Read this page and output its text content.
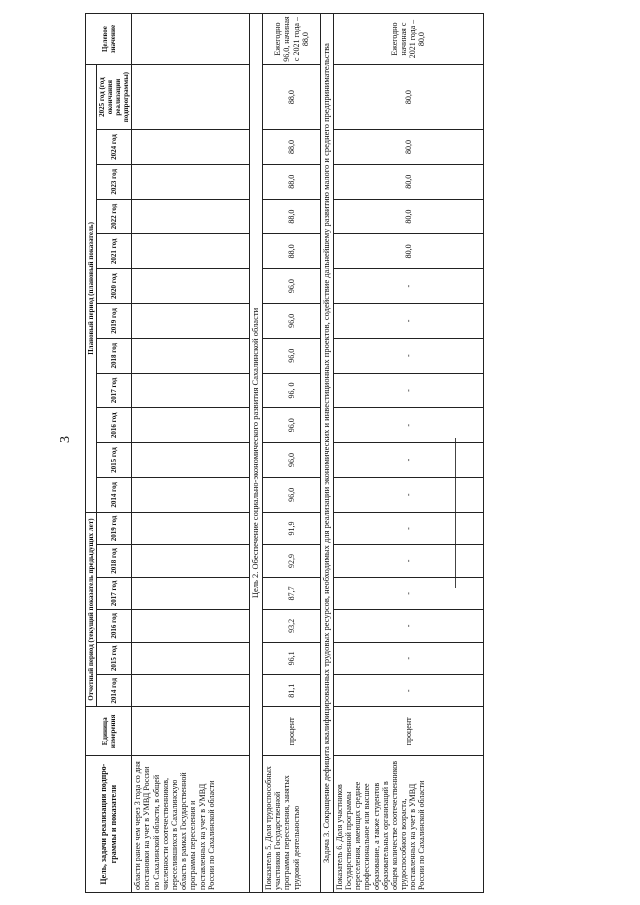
3
Цель, задачи реализации подпро-граммы и показатели	Единица измерения	Отчетный период (текущий показатель предыдущих лет)						Плановый период (плановый показатель)												Целевое значение
		2014 год	2015 год	2016 год	2017 год	2018 год	2019 год	2014 год	2015 год	2016 год	2017 год	2018 год	2019 год	2020 год	2021 год	2022 год	2023 год	2024 год	2025 год (год окончания реализации подпрограммы)	
области ранее чем через 3 года со дня постановки на учет в УМВД России по Сахалинской области, в общей численности соотечественников, переселившихся в Сахалинскую область в рамках Государственной программы переселения и поставленных на учет в УМВД России по Сахалинской области																				
Цель 2. Обеспечение социально-экономического развития Сахалинской области																				
Показатель 5. Доля трудоспособных участников Государственной программы переселения, занятых трудовой деятельностью	процент	81,1	96,1	93,2	87,7	92,9	91,9	96,0	96,0	96,0	96, 0	96,0	96,0	96,0	88,0	88,0	88,0	88,0	88,0	Ежегодно 96,0, начиная с 2021 года – 88,0
Задача 3. Сокращение дефицита квалифицированных трудовых ресурсов, необходимых для реализации экономических и инвестиционных проектов, содействие дальнейшему развитию малого и среднего предпринимательства																				
Показатель 6. Доля участников Государственной программы переселения, имеющих среднее профессиональное или высшее образование, а также студентов образовательных организаций в общем количестве соотечественников трудоспособного возраста, поставленных на учет в УМВД России по Сахалинской области	процент	-	-	-	-	-	-	-	-	-	-	-	-	-	80,0	80,0	80,0	80,0	80,0	Ежегодно начиная с 2021 года – 80,0
